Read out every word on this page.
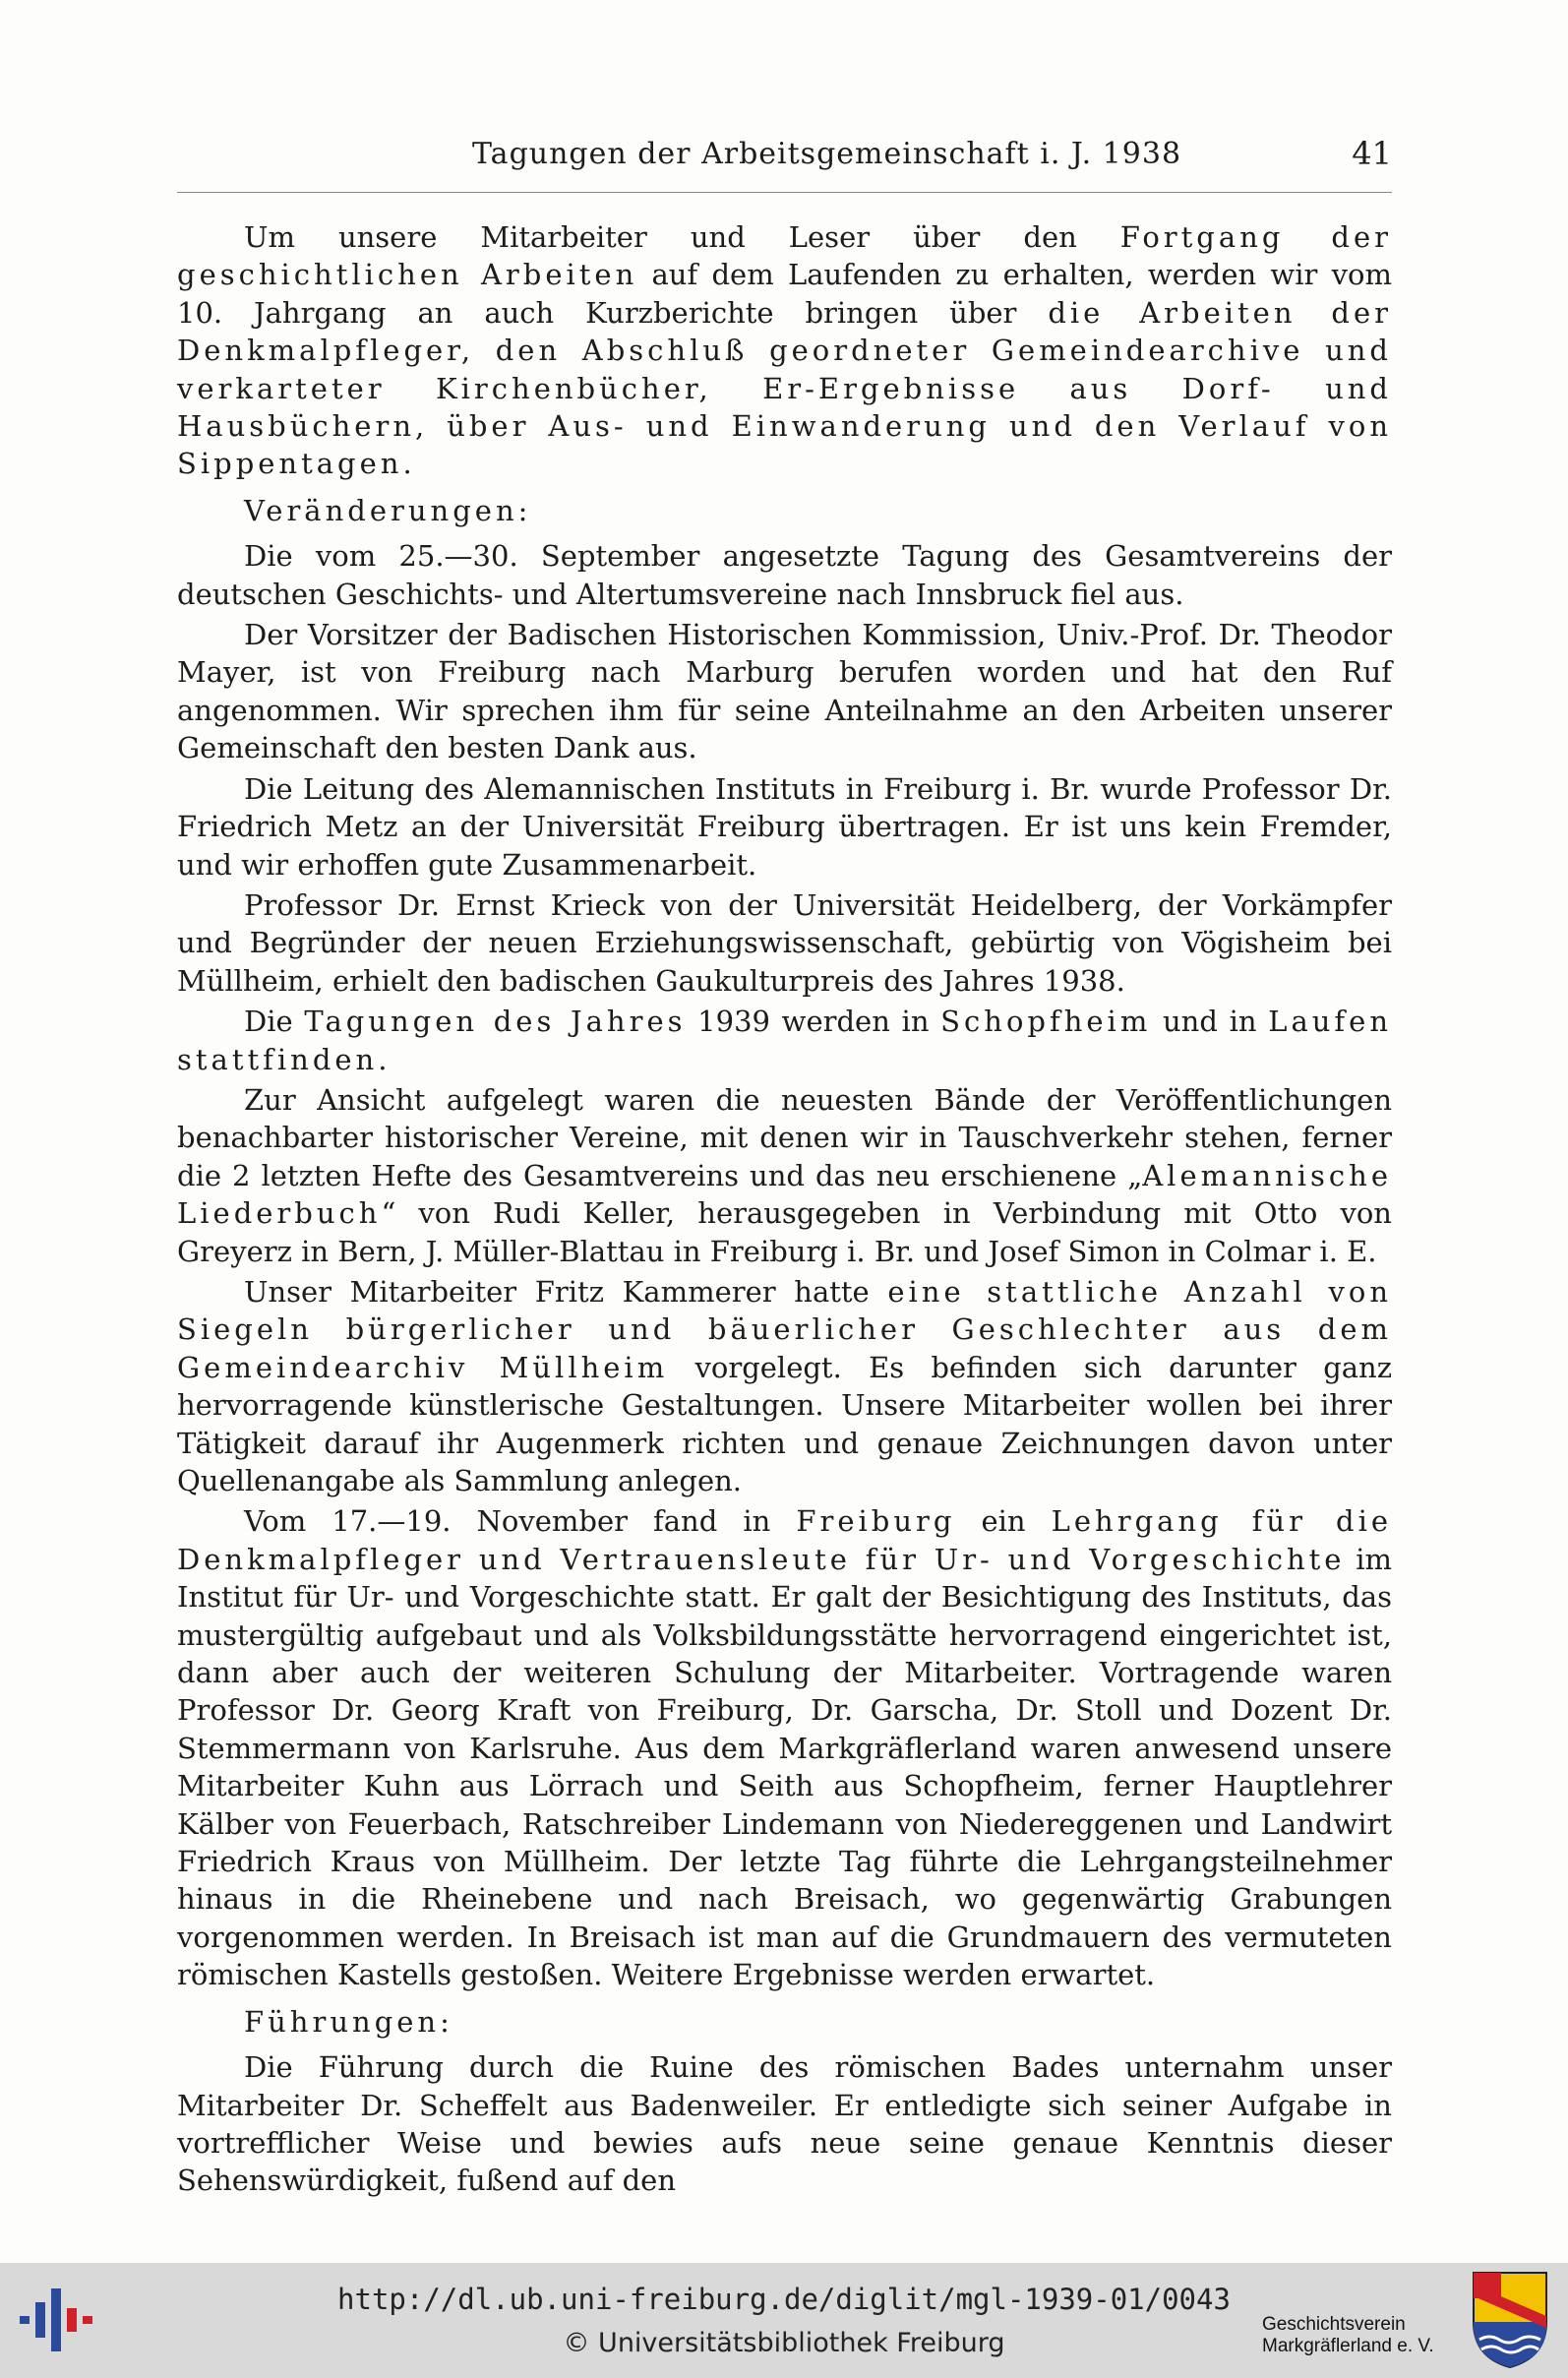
Tagungen der Arbeitsgemeinschaft i. J. 1938	41

Um unsere Mitarbeiter und Leser über den Fortgang der geschichtlichen Arbeiten auf dem Laufenden zu erhalten, werden wir vom 10. Jahrgang an auch Kurzberichte bringen über die Arbeiten der Denkmalpfleger, den Abschluß geordneter Gemeindearchive und verkarteter Kirchenbücher, Er-Ergebnisse aus Dorf- und Hausbüchern, über Aus- und Einwanderung und den Verlauf von Sippentagen.

Veränderungen:

Die vom 25.—30. September angesetzte Tagung des Gesamtvereins der deutschen Geschichts- und Altertumsvereine nach Innsbruck fiel aus.

Der Vorsitzer der Badischen Historischen Kommission, Univ.-Prof. Dr. Theodor Mayer, ist von Freiburg nach Marburg berufen worden und hat den Ruf angenommen. Wir sprechen ihm für seine Anteilnahme an den Arbeiten unserer Gemeinschaft den besten Dank aus.

Die Leitung des Alemannischen Instituts in Freiburg i. Br. wurde Professor Dr. Friedrich Metz an der Universität Freiburg übertragen. Er ist uns kein Fremder, und wir erhoffen gute Zusammenarbeit.

Professor Dr. Ernst Krieck von der Universität Heidelberg, der Vorkämpfer und Begründer der neuen Erziehungswissenschaft, gebürtig von Vögisheim bei Müllheim, erhielt den badischen Gaukulturpreis des Jahres 1938.

Die Tagungen des Jahres 1939 werden in Schopfheim und in Laufen stattfinden.

Zur Ansicht aufgelegt waren die neuesten Bände der Veröffentlichungen benachbarter historischer Vereine, mit denen wir in Tauschverkehr stehen, ferner die 2 letzten Hefte des Gesamtvereins und das neu erschienene „Alemannische Liederbuch“ von Rudi Keller, herausgegeben in Verbindung mit Otto von Greyerz in Bern, J. Müller-Blattau in Freiburg i. Br. und Josef Simon in Colmar i. E.

Unser Mitarbeiter Fritz Kammerer hatte eine stattliche Anzahl von Siegeln bürgerlicher und bäuerlicher Geschlechter aus dem Gemeindearchiv Müllheim vorgelegt. Es befinden sich darunter ganz hervorragende künstlerische Gestaltungen. Unsere Mitarbeiter wollen bei ihrer Tätigkeit darauf ihr Augenmerk richten und genaue Zeichnungen davon unter Quellenangabe als Sammlung anlegen.

Vom 17.—19. November fand in Freiburg ein Lehrgang für die Denkmalpfleger und Vertrauensleute für Ur- und Vorgeschichte im Institut für Ur- und Vorgeschichte statt. Er galt der Besichtigung des Instituts, das mustergültig aufgebaut und als Volksbildungsstätte hervorragend eingerichtet ist, dann aber auch der weiteren Schulung der Mitarbeiter. Vortragende waren Professor Dr. Georg Kraft von Freiburg, Dr. Garscha, Dr. Stoll und Dozent Dr. Stemmermann von Karlsruhe. Aus dem Markgräflerland waren anwesend unsere Mitarbeiter Kuhn aus Lörrach und Seith aus Schopfheim, ferner Hauptlehrer Kälber von Feuerbach, Ratschreiber Lindemann von Niedereggenen und Landwirt Friedrich Kraus von Müllheim. Der letzte Tag führte die Lehrgangsteilnehmer hinaus in die Rheinebene und nach Breisach, wo gegenwärtig Grabungen vorgenommen werden. In Breisach ist man auf die Grundmauern des vermuteten römischen Kastells gestoßen. Weitere Ergebnisse werden erwartet.

Führungen:

Die Führung durch die Ruine des römischen Bades unternahm unser Mitarbeiter Dr. Scheffelt aus Badenweiler. Er entledigte sich seiner Aufgabe in vortrefflicher Weise und bewies aufs neue seine genaue Kenntnis dieser Sehenswürdigkeit, fußend auf den

http://dl.ub.uni-freiburg.de/diglit/mgl-1939-01/0043
© Universitätsbibliothek Freiburg
Geschichtsverein
Markgräflerland e. V.
